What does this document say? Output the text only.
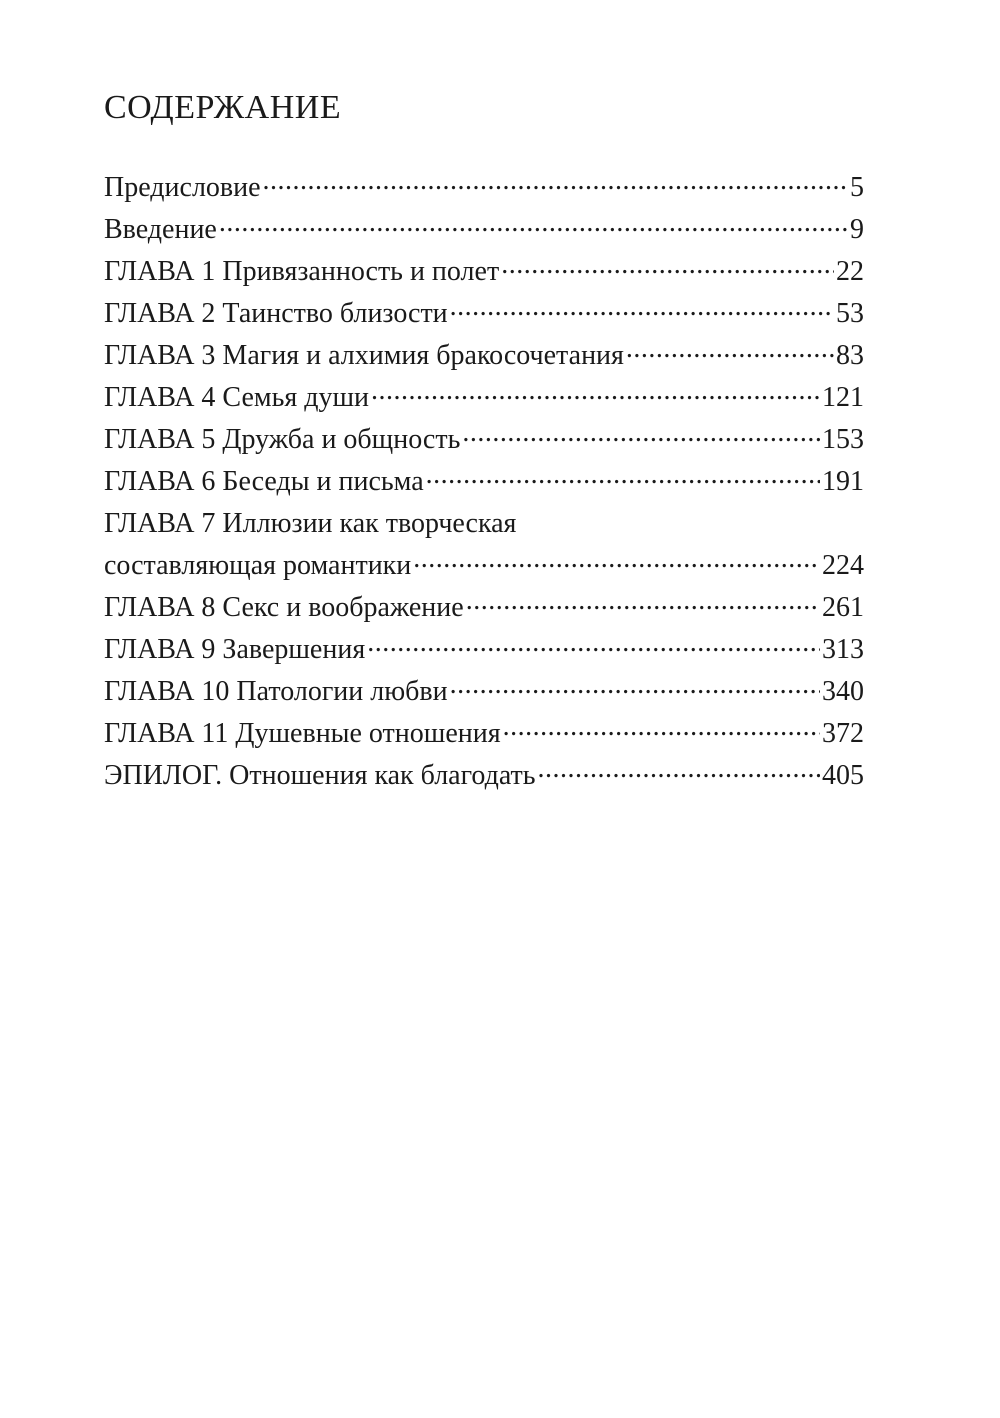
СОДЕРЖАНИЕ
Предисловие .....	5
Введение .....	9
ГЛАВА 1 Привязанность и полет .....	22
ГЛАВА 2 Таинство близости .....	53
ГЛАВА 3 Магия и алхимия бракосочетания .....	83
ГЛАВА 4 Семья души .....	121
ГЛАВА 5 Дружба и общность .....	153
ГЛАВА 6 Беседы и письма .....	191
ГЛАВА 7 Иллюзии как творческая
составляющая романтики .....	224
ГЛАВА 8 Секс и воображение .....	261
ГЛАВА 9 Завершения .....	313
ГЛАВА 10 Патологии любви .....	340
ГЛАВА 11 Душевные отношения .....	372
ЭПИЛОГ. Отношения как благодать .....	405
